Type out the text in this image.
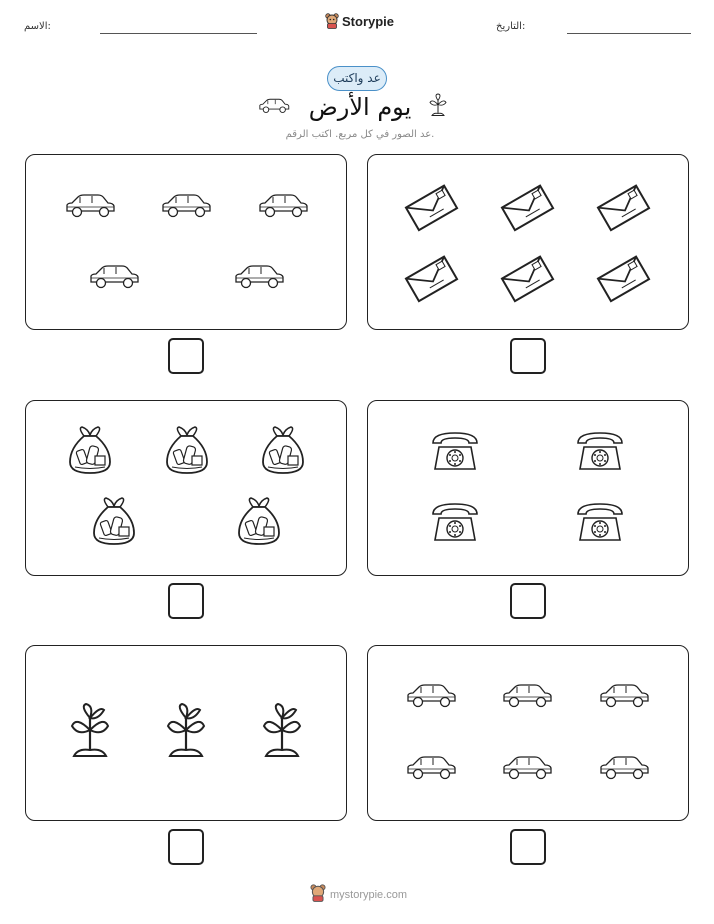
الاسم:	Storypie	التاريخ:
عد واكتب
يوم الأرض
عد الصور في كل مربع. اكتب الرقم.
mystorypie.com
